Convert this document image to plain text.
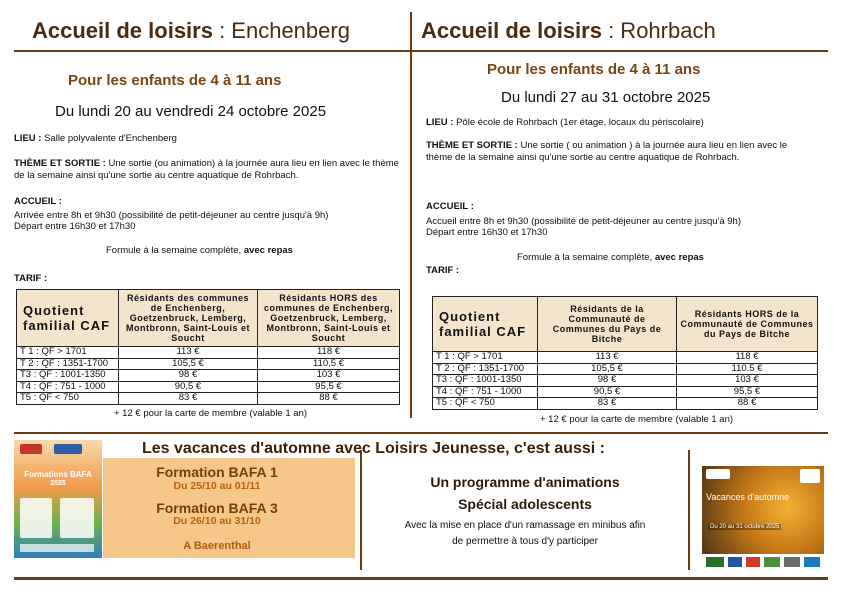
Accueil de loisirs : Enchenberg
Pour les enfants de 4 à 11 ans
Du lundi 20 au vendredi 24 octobre 2025
LIEU : Salle polyvalente d'Enchenberg
THÈME ET SORTIE : Une sortie (ou animation) à la journée aura lieu en lien avec le thème de la semaine ainsi qu'une sortie au centre aquatique de Rohrbach.
ACCUEIL :
Arrivée entre 8h et 9h30 (possibilité de petit-déjeuner au centre jusqu'à 9h)
Départ entre 16h30 et 17h30
Formule à la semaine complète, avec repas
TARIF :
Quotient familial CAF	Résidants des communes de Enchenberg, Goetzenbruck, Lemberg, Montbronn, Saint-Louis et Soucht	Résidants HORS des communes de Enchenberg, Goetzenbruck, Lemberg, Montbronn, Saint-Louis et Soucht
T 1 : QF > 1701	113 €	118 €
T 2 : QF : 1351-1700	105,5 €	110,5 €
T3 : QF : 1001-1350	98 €	103 €
T4 : QF : 751 - 1000	90,5 €	95,5 €
T5 : QF < 750	83 €	88 €
+ 12 € pour la carte de membre (valable 1 an)
Accueil de loisirs : Rohrbach
Pour les enfants de 4 à 11 ans
Du lundi 27 au 31 octobre 2025
LIEU : Pôle école de Rohrbach (1er étage, locaux du périscolaire)
THÈME ET SORTIE : Une sortie ( ou animation ) à la journée aura lieu en lien avec le thème de la semaine ainsi qu'une sortie au centre aquatique de Rohrbach.
ACCUEIL :
Accueil entre 8h et 9h30 (possibilité de petit-déjeuner au centre jusqu'à 9h)
Départ entre 16h30 et 17h30
Formule à la semaine complète, avec repas
TARIF :
Quotient familial CAF	Résidants de la Communauté de Communes du Pays de Bitche	Résidants HORS de la Communauté de Communes du Pays de Bitche
T 1 : QF > 1701	113 €	118 €
T 2 : QF : 1351-1700	105,5 €	110.5 €
T3 : QF : 1001-1350	98 €	103 €
T4 : QF : 751 - 1000	90,5 €	95,5 €
T5 : QF < 750	83 €	88 €
+ 12 € pour la carte de membre (valable 1 an)
Les vacances d'automne avec Loisirs Jeunesse, c'est aussi :
Formations BAFA
2025
Formation BAFA 1
Du 25/10 au 01/11
Formation BAFA 3
Du 26/10 au 31/10
A Baerenthal
Un programme d'animations
Spécial adolescents
Avec la mise en place d'un ramassage en minibus afin
de permettre à tous d'y participer
Vacances d'automne
Du 20 au 31 octobre 2025
